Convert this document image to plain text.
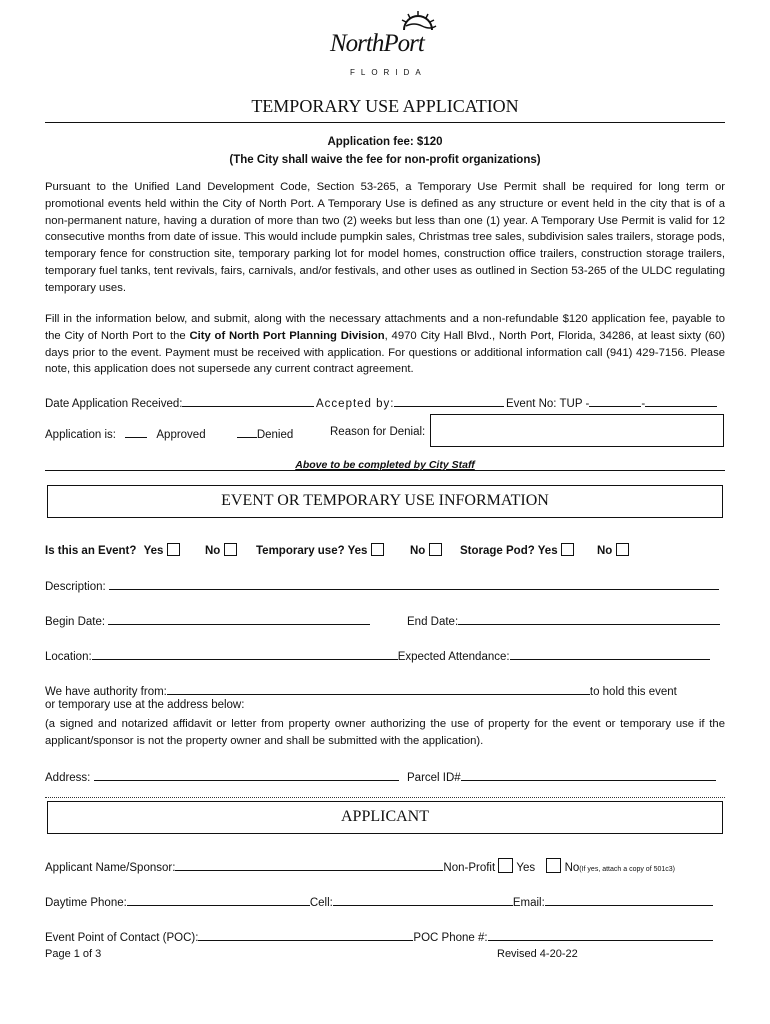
NorthPort
FLORIDA
TEMPORARY USE APPLICATION
Application fee: $120
(The City shall waive the fee for non-profit organizations)
Pursuant to the Unified Land Development Code, Section 53-265, a Temporary Use Permit shall be required for long term or promotional events held within the City of North Port. A Temporary Use is defined as any structure or event held in the city that is of a non-permanent nature, having a duration of more than two (2) weeks but less than one (1) year. A Temporary Use Permit is valid for 12 consecutive months from date of issue. This would include pumpkin sales, Christmas tree sales, subdivision sales trailers, storage pods, temporary fence for construction site, temporary parking lot for model homes, construction office trailers, construction storage trailers, temporary fuel tanks, tent revivals, fairs, carnivals, and/or festivals, and other uses as outlined in Section 53-265 of the ULDC regulating temporary uses.
Fill in the information below, and submit, along with the necessary attachments and a non-refundable $120 application fee, payable to the City of North Port to the City of North Port Planning Division, 4970 City Hall Blvd., North Port, Florida, 34286, at least sixty (60) days prior to the event. Payment must be received with application. For questions or additional information call (941) 429-7156. Please note, this application does not supersede any current contract agreement.
Date Application Received:	Accepted by:	Event No: TUP -	-
Application is:	Approved	Denied	Reason for Denial:
Above to be completed by City Staff
EVENT OR TEMPORARY USE INFORMATION
Is this an Event? Yes	No	Temporary use? Yes	No	Storage Pod? Yes	No
Description:
Begin Date:	End Date:
Location:	Expected Attendance:
We have authority from:	to hold this event
or temporary use at the address below:
(a signed and notarized affidavit or letter from property owner authorizing the use of property for the event or temporary use if the applicant/sponsor is not the property owner and shall be submitted with the application).
Address:	Parcel ID#
APPLICANT
Applicant Name/Sponsor:	Non-Profit Yes	No(If yes, attach a copy of 501c3)
Daytime Phone:	Cell:	Email:
Event Point of Contact (POC):	POC Phone #:
Page 1 of 3	Revised 4-20-22
